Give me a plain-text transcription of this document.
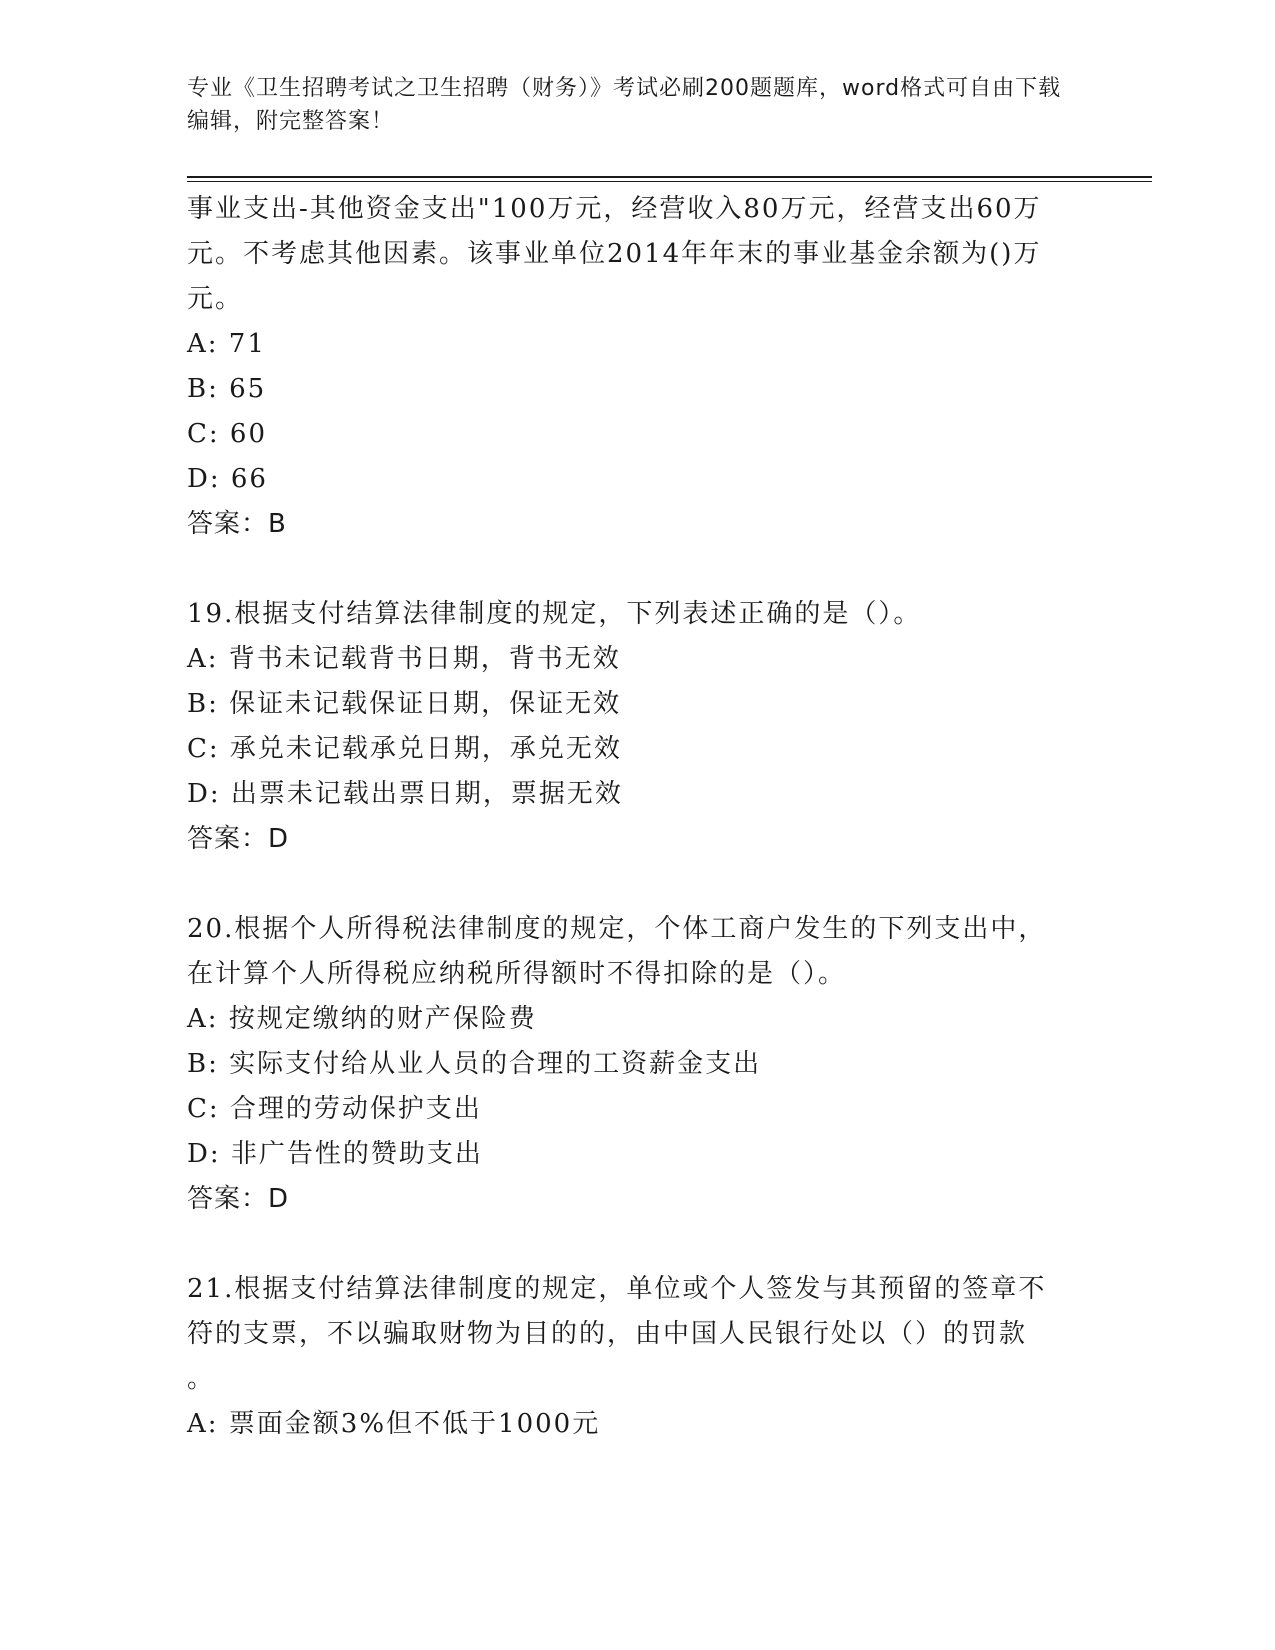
专业《卫生招聘考试之卫生招聘（财务）》考试必刷200题题库，word格式可自由下载编辑，附完整答案！
事业支出-其他资金支出"100万元，经营收入80万元，经营支出60万
元。不考虑其他因素。该事业单位2014年年末的事业基金余额为()万
元。
A: 71
B: 65
C: 60
D: 66
答案：B
19.根据支付结算法律制度的规定，下列表述正确的是（）。
A: 背书未记载背书日期，背书无效
B: 保证未记载保证日期，保证无效
C: 承兑未记载承兑日期，承兑无效
D: 出票未记载出票日期，票据无效
答案：D
20.根据个人所得税法律制度的规定，个体工商户发生的下列支出中，
在计算个人所得税应纳税所得额时不得扣除的是（）。
A: 按规定缴纳的财产保险费
B: 实际支付给从业人员的合理的工资薪金支出
C: 合理的劳动保护支出
D: 非广告性的赞助支出
答案：D
21.根据支付结算法律制度的规定，单位或个人签发与其预留的签章不
符的支票，不以骗取财物为目的的，由中国人民银行处以（）的罚款
。
A: 票面金额3%但不低于1000元
